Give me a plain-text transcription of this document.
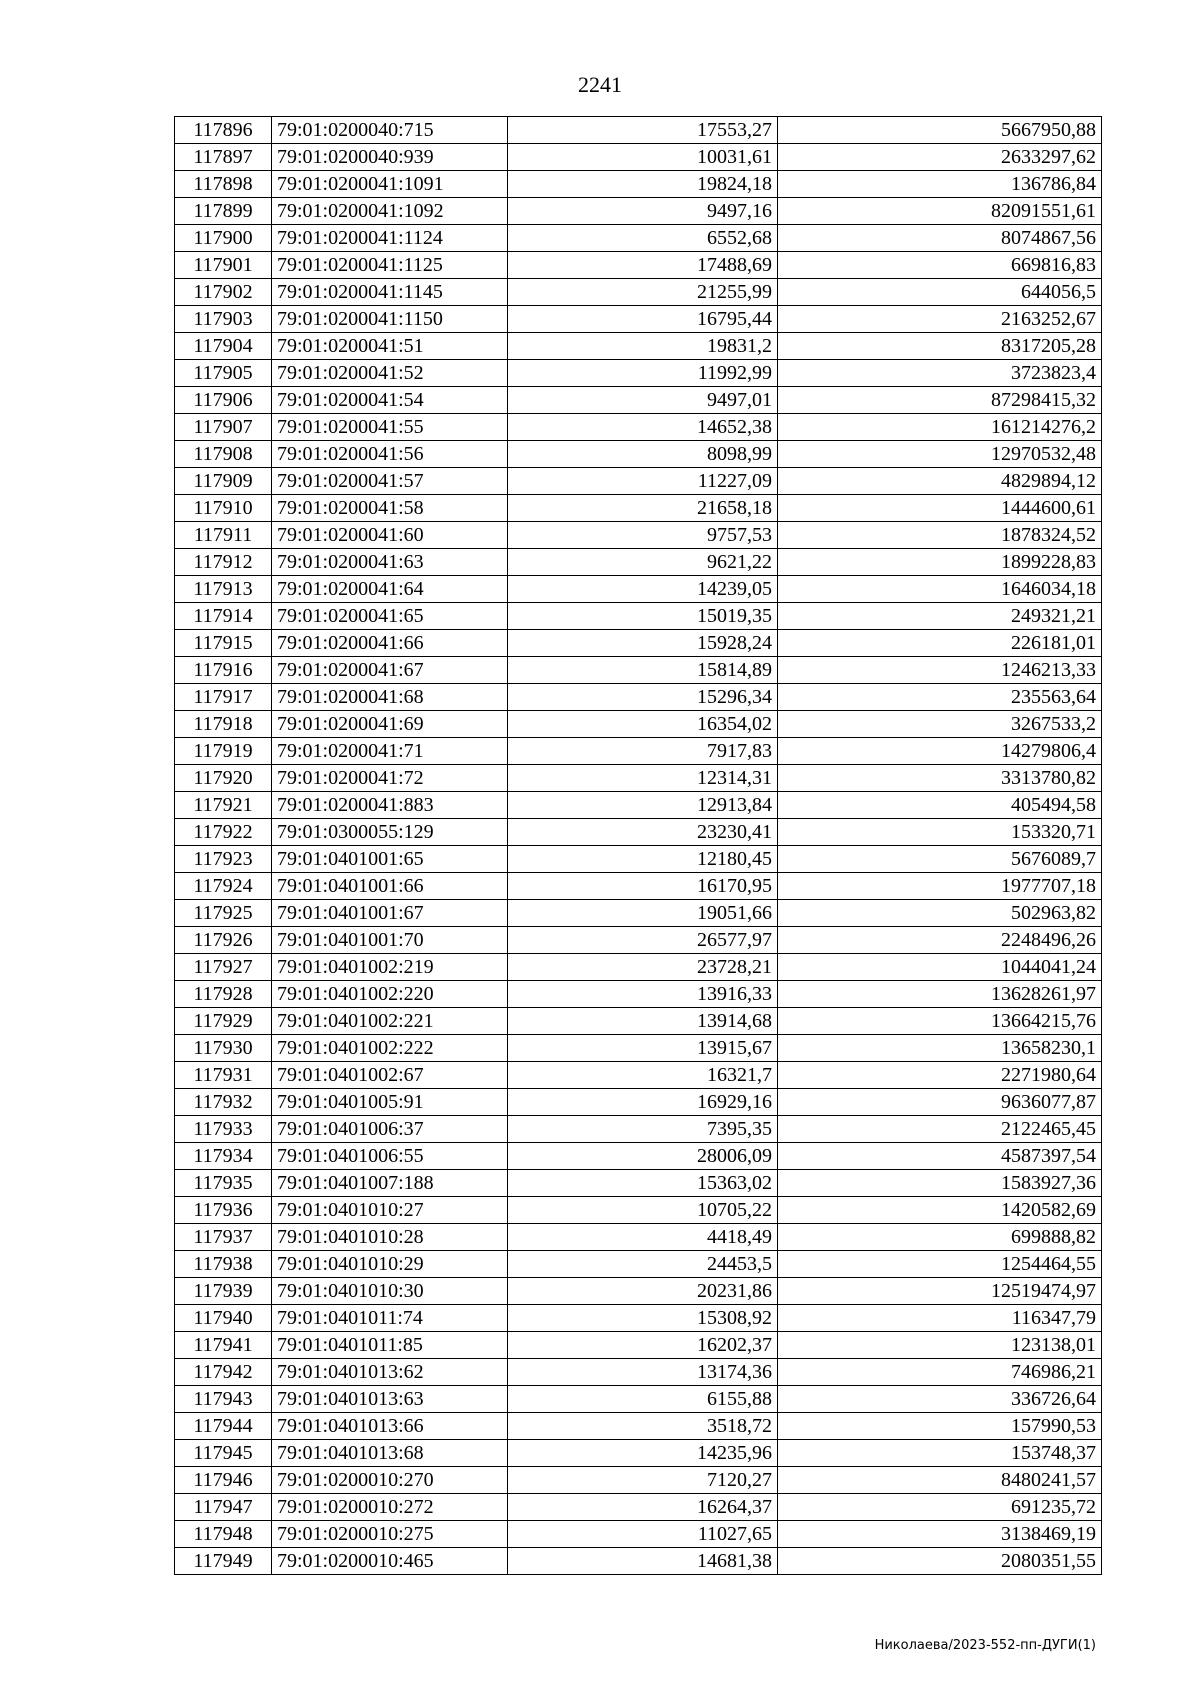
2241
117896	79:01:0200040:715	17553,27	5667950,88
117897	79:01:0200040:939	10031,61	2633297,62
117898	79:01:0200041:1091	19824,18	136786,84
117899	79:01:0200041:1092	9497,16	82091551,61
117900	79:01:0200041:1124	6552,68	8074867,56
117901	79:01:0200041:1125	17488,69	669816,83
117902	79:01:0200041:1145	21255,99	644056,5
117903	79:01:0200041:1150	16795,44	2163252,67
117904	79:01:0200041:51	19831,2	8317205,28
117905	79:01:0200041:52	11992,99	3723823,4
117906	79:01:0200041:54	9497,01	87298415,32
117907	79:01:0200041:55	14652,38	161214276,2
117908	79:01:0200041:56	8098,99	12970532,48
117909	79:01:0200041:57	11227,09	4829894,12
117910	79:01:0200041:58	21658,18	1444600,61
117911	79:01:0200041:60	9757,53	1878324,52
117912	79:01:0200041:63	9621,22	1899228,83
117913	79:01:0200041:64	14239,05	1646034,18
117914	79:01:0200041:65	15019,35	249321,21
117915	79:01:0200041:66	15928,24	226181,01
117916	79:01:0200041:67	15814,89	1246213,33
117917	79:01:0200041:68	15296,34	235563,64
117918	79:01:0200041:69	16354,02	3267533,2
117919	79:01:0200041:71	7917,83	14279806,4
117920	79:01:0200041:72	12314,31	3313780,82
117921	79:01:0200041:883	12913,84	405494,58
117922	79:01:0300055:129	23230,41	153320,71
117923	79:01:0401001:65	12180,45	5676089,7
117924	79:01:0401001:66	16170,95	1977707,18
117925	79:01:0401001:67	19051,66	502963,82
117926	79:01:0401001:70	26577,97	2248496,26
117927	79:01:0401002:219	23728,21	1044041,24
117928	79:01:0401002:220	13916,33	13628261,97
117929	79:01:0401002:221	13914,68	13664215,76
117930	79:01:0401002:222	13915,67	13658230,1
117931	79:01:0401002:67	16321,7	2271980,64
117932	79:01:0401005:91	16929,16	9636077,87
117933	79:01:0401006:37	7395,35	2122465,45
117934	79:01:0401006:55	28006,09	4587397,54
117935	79:01:0401007:188	15363,02	1583927,36
117936	79:01:0401010:27	10705,22	1420582,69
117937	79:01:0401010:28	4418,49	699888,82
117938	79:01:0401010:29	24453,5	1254464,55
117939	79:01:0401010:30	20231,86	12519474,97
117940	79:01:0401011:74	15308,92	116347,79
117941	79:01:0401011:85	16202,37	123138,01
117942	79:01:0401013:62	13174,36	746986,21
117943	79:01:0401013:63	6155,88	336726,64
117944	79:01:0401013:66	3518,72	157990,53
117945	79:01:0401013:68	14235,96	153748,37
117946	79:01:0200010:270	7120,27	8480241,57
117947	79:01:0200010:272	16264,37	691235,72
117948	79:01:0200010:275	11027,65	3138469,19
117949	79:01:0200010:465	14681,38	2080351,55
Николаева/2023-552-пп-ДУГИ(1)
